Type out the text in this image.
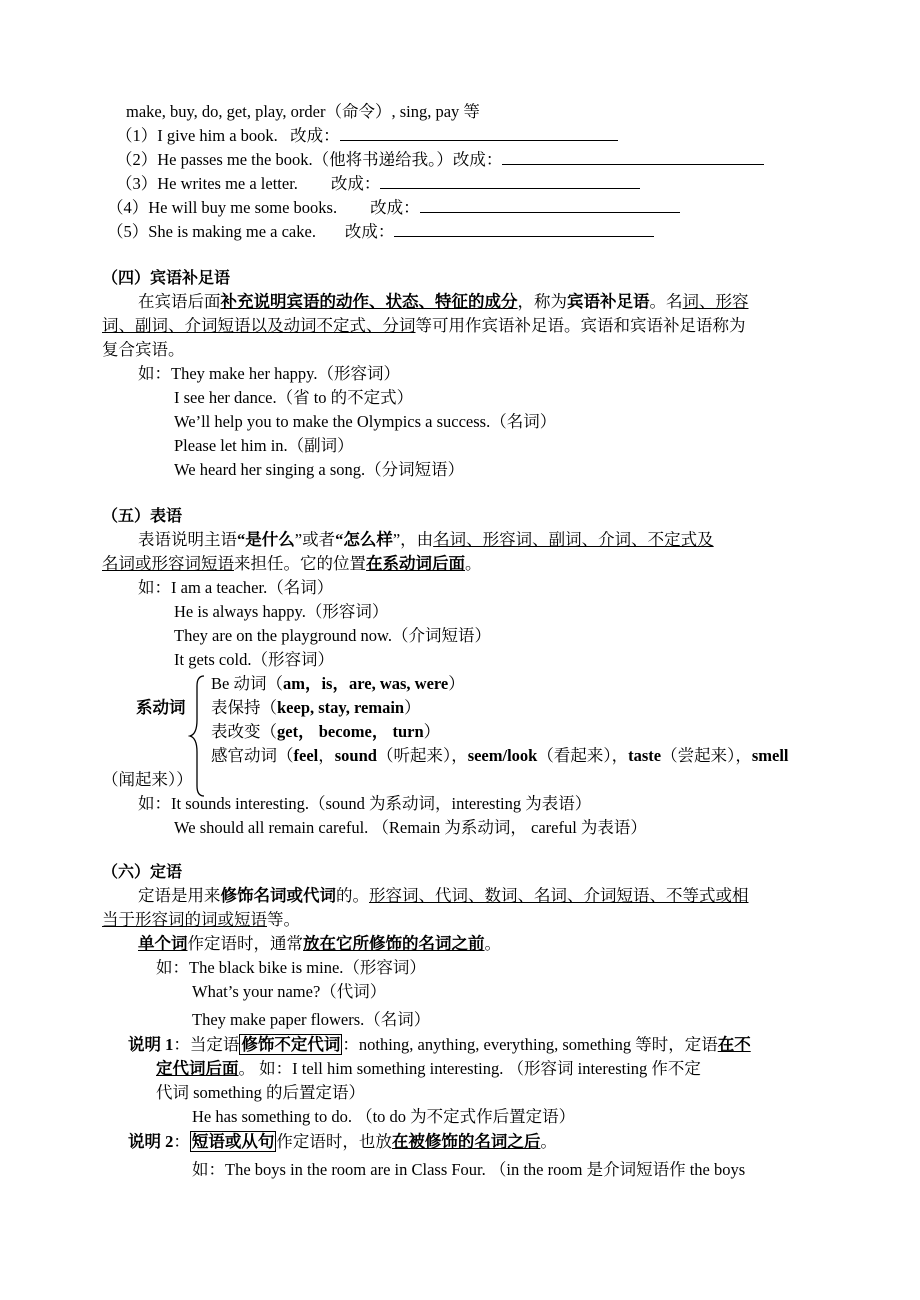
make, buy, do, get, play, order（命令）, sing, pay 等
（1）I give him a book. 改成：
（2）He passes me the book.（他将书递给我。）改成：
（3）He writes me a letter. 改成：
（4）He will buy me some books. 改成：
（5）She is making me a cake. 改成：
（四）宾语补足语
在宾语后面补充说明宾语的动作、状态、特征的成分，称为宾语补足语。名词、形容
词、副词、介词短语以及动词不定式、分词等可用作宾语补足语。宾语和宾语补足语称为
复合宾语。
如：They make her happy.（形容词）
I see her dance.（省 to 的不定式）
We’ll help you to make the Olympics a success.（名词）
Please let him in.（副词）
We heard her singing a song.（分词短语）
（五）表语
表语说明主语“是什么”或者“怎么样”，由名词、形容词、副词、介词、不定式及
名词或形容词短语来担任。它的位置在系动词后面。
如：I am a teacher.（名词）
He is always happy.（形容词）
They are on the playground now.（介词短语）
It gets cold.（形容词）
系动词
Be 动词（am，is，are, was, were）
表保持（keep, stay, remain）
表改变（get， become， turn）
感官动词（feel，sound（听起来），seem/look（看起来），taste（尝起来），smell
（闻起来））
如：It sounds interesting.（sound 为系动词，interesting 为表语）
We should all remain careful. （Remain 为系动词， careful 为表语）
（六）定语
定语是用来修饰名词或代词的。形容词、代词、数词、名词、介词短语、不等式或相
当于形容词的词或短语等。
单个词作定语时，通常放在它所修饰的名词之前。
如：The black bike is mine.（形容词）
What’s your name?（代词）
They make paper flowers.（名词）
说明 1：当定语 修饰不定代词 ：nothing, anything, everything, something 等时，定语在不
定代词后面。 如：I tell him something interesting. （形容词 interesting 作不定
代词 something 的后置定语）
He has something to do. （to do 为不定式作后置定语）
说明 2： 短语或从句 作定语时，也放在被修饰的名词之后。
如：The boys in the room are in Class Four. （in the room 是介词短语作 the boys
